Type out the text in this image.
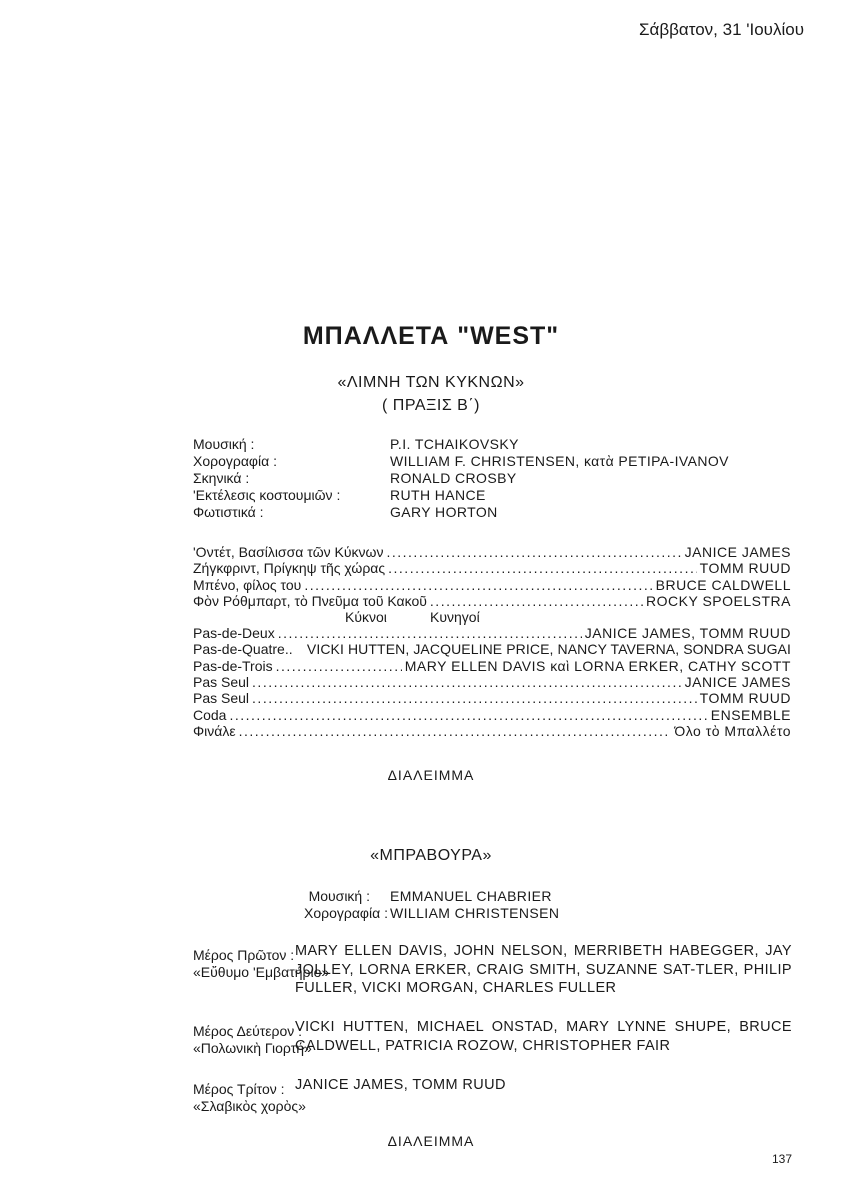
Σάββατον, 31 'Ιουλίου
ΜΠΑΛΛΕΤΑ "WEST"
«ΛΙΜΝΗ ΤΩΝ ΚΥΚΝΩΝ»
( ΠΡΑΞΙΣ Β΄)
Μουσική :	P.I. TCHAIKOVSKY
Χορογραφία :	WILLIAM F. CHRISTENSEN, κατὰ PETIPA-IVANOV
Σκηνικά :	RONALD CROSBY
'Εκτέλεσις κοστουμιῶν :	RUTH HANCE
Φωτιστικά :	GARY HORTON
'Οντέτ, Βασίλισσα τῶν Κύκνων .....	JANICE JAMES
Ζήγκφριντ, Πρίγκηψ τῆς χώρας .....	TOMM RUUD
Μπένο, φίλος του .....	BRUCE CALDWELL
Φὸν Ρόθμπαρτ, τὸ Πνεῦμα τοῦ Κακοῦ .....	ROCKY SPOELSTRA
Κύκνοι	Κυνηγοί
Pas-de-Deux .....	JANICE JAMES, TOMM RUUD
Pas-de-Quatre..	VICKI HUTTEN, JACQUELINE PRICE, NANCY TAVERNA, SONDRA SUGAI
Pas-de-Trois .....	MARY ELLEN DAVIS καὶ LORNA ERKER, CATHY SCOTT
Pas Seul .....	JANICE JAMES
Pas Seul .....	TOMM RUUD
Coda .....	ENSEMBLE
Φινάλε .....	Όλο τὸ Μπαλλέτο
ΔΙΑΛΕΙΜΜΑ
«ΜΠΡΑΒΟΥΡΑ»
Μουσική : EMMANUEL CHABRIER
Χορογραφία : WILLIAM CHRISTENSEN
Μέρος Πρῶτον :
«Εὔθυμο 'Εμβατήριο»
MARY ELLEN DAVIS, JOHN NELSON, MERRIBETH HABEGGER, JAY JOLLEY, LORNA ERKER, CRAIG SMITH, SUZANNE SAT-TLER, PHILIP FULLER, VICKI MORGAN, CHARLES FULLER
Μέρος Δεύτερον :
«Πολωνικὴ Γιορτή»
VICKI HUTTEN, MICHAEL ONSTAD, MARY LYNNE SHUPE, BRUCE CALDWELL, PATRICIA ROZOW, CHRISTOPHER FAIR
Μέρος Τρίτον :
«Σλαβικὸς χορὸς»
JANICE JAMES, TOMM RUUD
ΔΙΑΛΕΙΜΜΑ
137
